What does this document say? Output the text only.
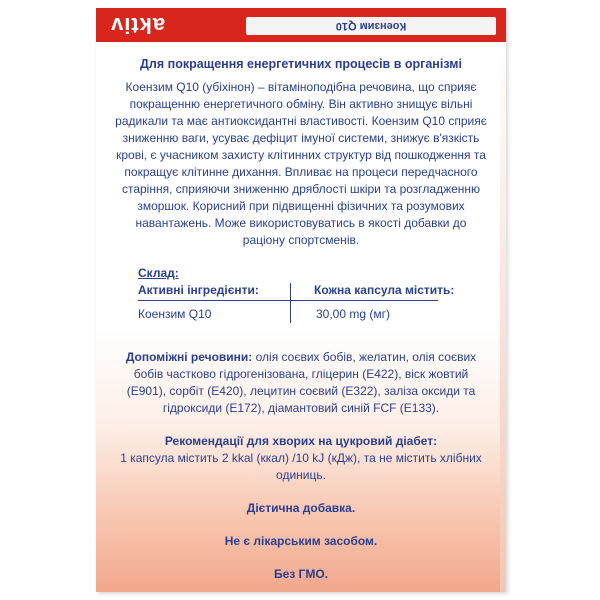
aktiv	Коензим Q10
Для покращення енергетичних процесів в організмі
Коензим Q10 (убіхінон) – вітаміноподібна речовина, що сприяє покращенню енергетичного обміну. Він активно знищує вільні радикали та має антиоксидантні властивості. Коензим Q10 сприяє зниженню ваги, усуває дефіцит імуної системи, знижує в'язкість крові, є учасником захисту клітинних структур від пошкодження та покращує клітинне дихання. Впливає на процеси передчасного старіння, сприяючи зниженню дряблості шкіри та розгладженню зморшок. Корисний при підвищенні фізичних та розумових навантажень. Може використовуватись в якості добавки до раціону спортсменів.
Склад:
Активні інгредієнти:	Кожна капсула містить:
Коензим Q10	30,00 mg (мг)
Допоміжні речовини: олія соєвих бобів, желатин, олія соєвих бобів частково гідрогенізована, гліцерин (E422), віск жовтий (E901), сорбіт (E420), лецитин соєвий (E322), заліза оксиди та гідроксиди (E172), діамантовий синій FCF (E133).
Рекомендації для хворих на цукровий діабет:
1 капсула містить 2 kkal (ккал) /10 kJ (кДж), та не містить хлібних одиниць.
Дієтична добавка.
Не є лікарським засобом.
Без ГМО.
